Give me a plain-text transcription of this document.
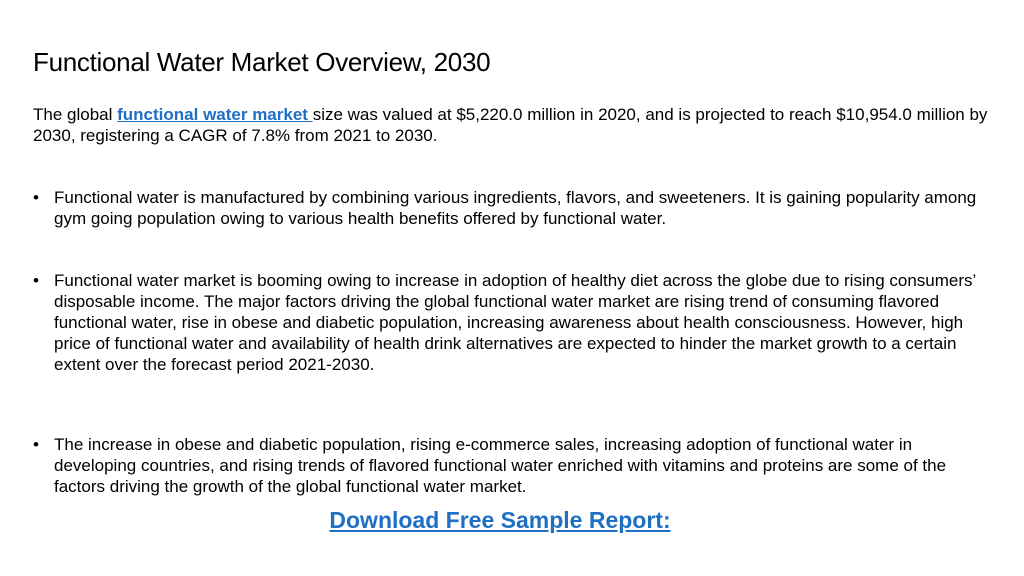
Functional Water Market Overview, 2030

The global functional water market size was valued at $5,220.0 million in 2020, and is projected to reach $10,954.0 million by 2030, registering a CAGR of 7.8% from 2021 to 2030.

• Functional water is manufactured by combining various ingredients, flavors, and sweeteners. It is gaining popularity among gym going population owing to various health benefits offered by functional water.

• Functional water market is booming owing to increase in adoption of healthy diet across the globe due to rising consumers’ disposable income. The major factors driving the global functional water market are rising trend of consuming flavored functional water, rise in obese and diabetic population, increasing awareness about health consciousness. However, high price of functional water and availability of health drink alternatives are expected to hinder the market growth to a certain extent over the forecast period 2021-2030.

• The increase in obese and diabetic population, rising e-commerce sales, increasing adoption of functional water in developing countries, and rising trends of flavored functional water enriched with vitamins and proteins are some of the factors driving the growth of the global functional water market.

Download Free Sample Report:
